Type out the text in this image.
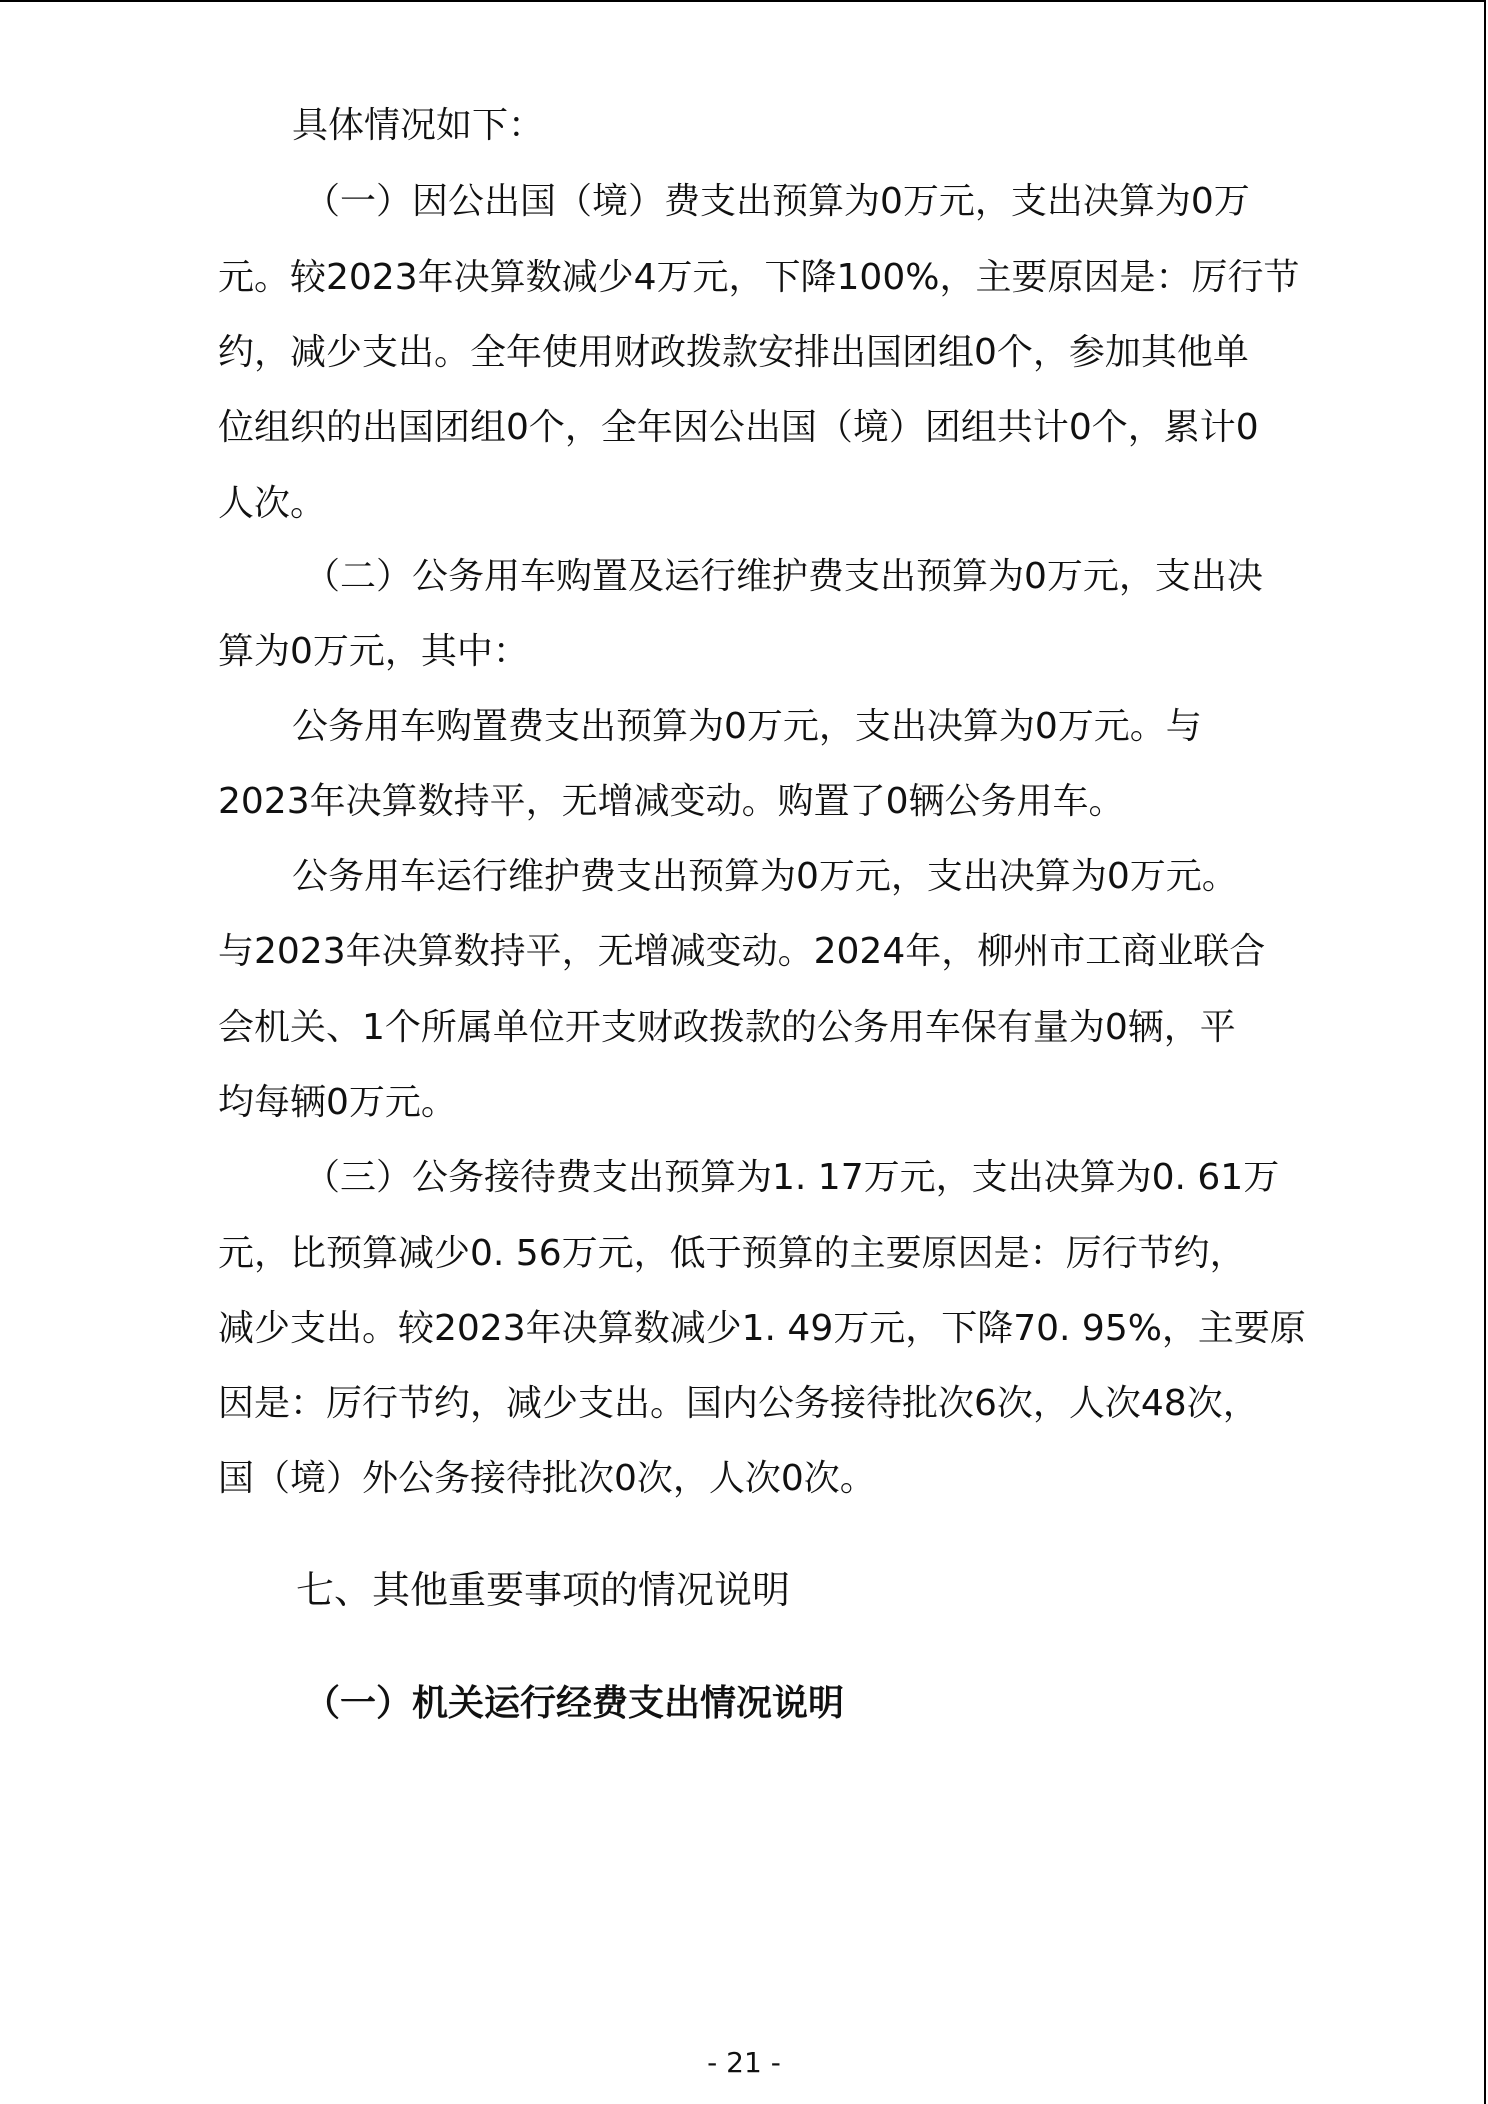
具体情况如下：
（一）因公出国（境）费支出预算为0万元，支出决算为0万
元。较2023年决算数减少4万元，下降100%，主要原因是：厉行节
约，减少支出。全年使用财政拨款安排出国团组0个，参加其他单
位组织的出国团组0个，全年因公出国（境）团组共计0个，累计0
人次。
（二）公务用车购置及运行维护费支出预算为0万元，支出决
算为0万元，其中：
公务用车购置费支出预算为0万元，支出决算为0万元。与
2023年决算数持平，无增减变动。购置了0辆公务用车。
公务用车运行维护费支出预算为0万元，支出决算为0万元。
与2023年决算数持平，无增减变动。2024年，柳州市工商业联合
会机关、1个所属单位开支财政拨款的公务用车保有量为0辆，平
均每辆0万元。
（三）公务接待费支出预算为1. 17万元，支出决算为0. 61万
元，比预算减少0. 56万元，低于预算的主要原因是：厉行节约，
减少支出。较2023年决算数减少1. 49万元，下降70. 95%，主要原
因是：厉行节约，减少支出。国内公务接待批次6次，人次48次，
国（境）外公务接待批次0次，人次0次。
七、其他重要事项的情况说明
（一）机关运行经费支出情况说明
- 21 -
